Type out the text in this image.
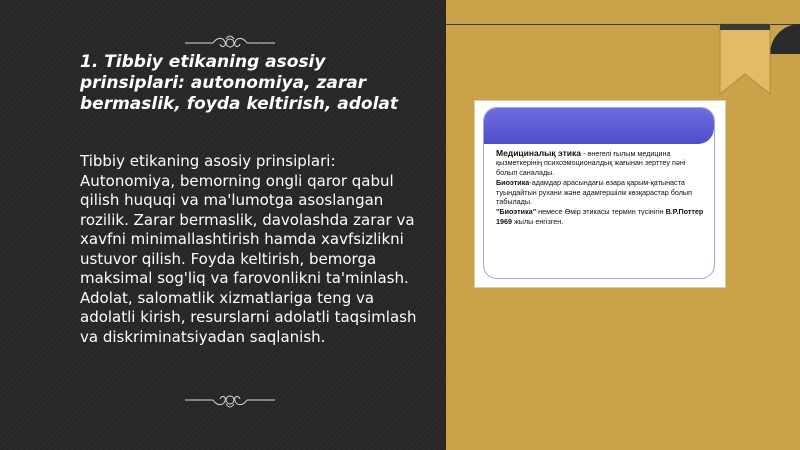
1. Tibbiy etikaning asosiy prinsiplari: autonomiya, zarar bermaslik, foyda keltirish, adolat

Tibbiy etikaning asosiy prinsiplari: Autonomiya, bemorning ongli qaror qabul qilish huquqi va ma'lumotga asoslangan rozilik. Zarar bermaslik, davolashda zarar va xavfni minimallashtirish hamda xavfsizlikni ustuvor qilish. Foyda keltirish, bemorga maksimal sog'liq va farovonlikni ta'minlash. Adolat, salomatlik xizmatlariga teng va adolatli kirish, resurslarni adolatli taqsimlash va diskriminatsiyadan saqlanish.

Медициналық этика - өнегелі ғылым медицина қызметкерінің психоэмоционалдық жағынан зерттеу пәні болып саналады.

Биоэтика-адамдар арасындағы өзара қарым-қатынаста туындайтын рухани және адамгершілік көзқарастар болып табылады.

"Биоэтика" немесе Өмір этикасы термин түсінігін В.Р.Поттер 1969 жылы енгізген.
